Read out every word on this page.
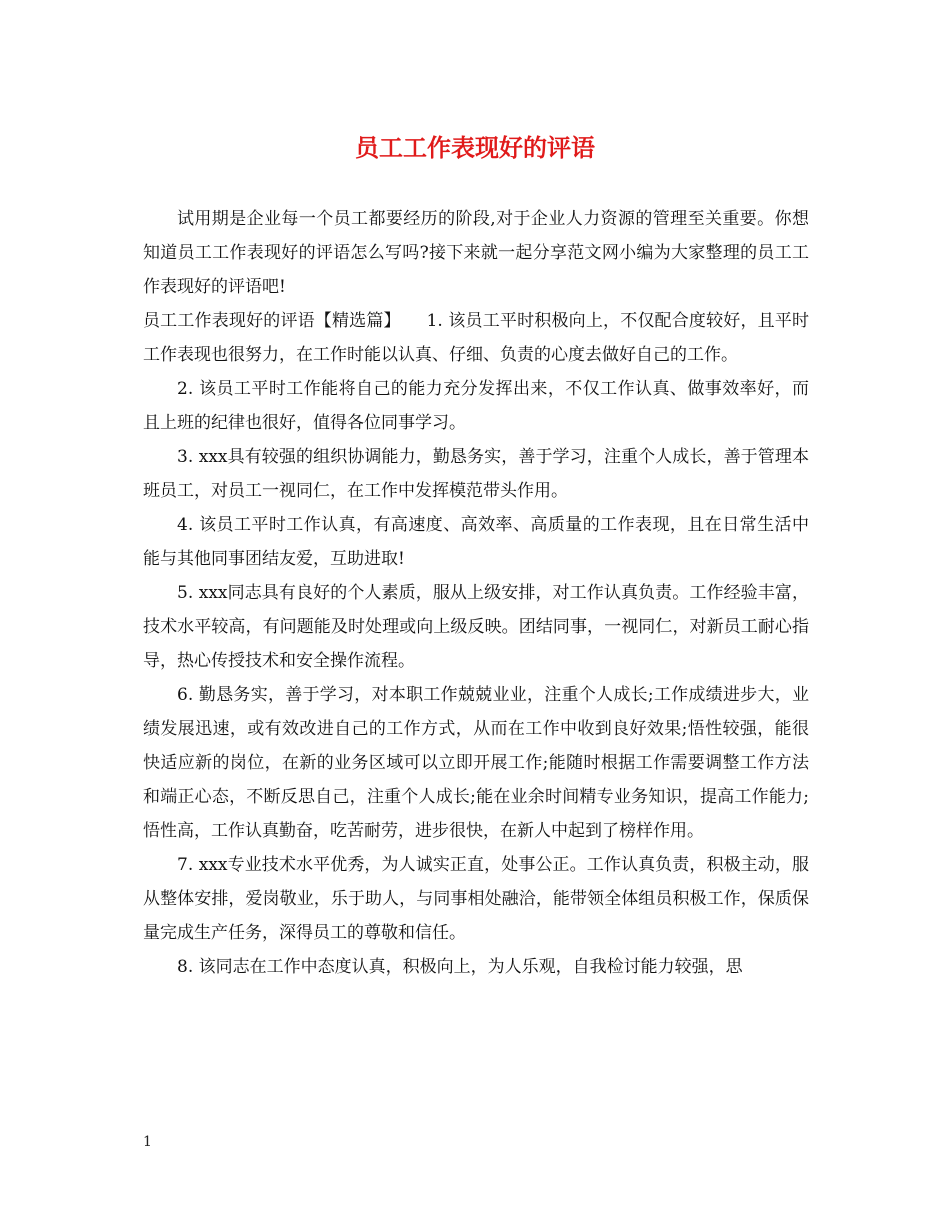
员工工作表现好的评语

试用期是企业每一个员工都要经历的阶段,对于企业人力资源的管理至关重要。你想知道员工工作表现好的评语怎么写吗?接下来就一起分享范文网小编为大家整理的员工工作表现好的评语吧!

员工工作表现好的评语【精选篇】　　1. 该员工平时积极向上，不仅配合度较好，且平时工作表现也很努力，在工作时能以认真、仔细、负责的心度去做好自己的工作。

2. 该员工平时工作能将自己的能力充分发挥出来，不仅工作认真、做事效率好，而且上班的纪律也很好，值得各位同事学习。

3. xxx具有较强的组织协调能力，勤恳务实，善于学习，注重个人成长，善于管理本班员工，对员工一视同仁，在工作中发挥模范带头作用。

4. 该员工平时工作认真，有高速度、高效率、高质量的工作表现，且在日常生活中能与其他同事团结友爱，互助进取!

5. xxx同志具有良好的个人素质，服从上级安排，对工作认真负责。工作经验丰富，技术水平较高，有问题能及时处理或向上级反映。团结同事，一视同仁，对新员工耐心指导，热心传授技术和安全操作流程。

6. 勤恳务实，善于学习，对本职工作兢兢业业，注重个人成长;工作成绩进步大，业绩发展迅速，或有效改进自己的工作方式，从而在工作中收到良好效果;悟性较强，能很快适应新的岗位，在新的业务区域可以立即开展工作;能随时根据工作需要调整工作方法和端正心态，不断反思自己，注重个人成长;能在业余时间精专业务知识，提高工作能力;悟性高，工作认真勤奋，吃苦耐劳，进步很快，在新人中起到了榜样作用。

7. xxx专业技术水平优秀，为人诚实正直，处事公正。工作认真负责，积极主动，服从整体安排，爱岗敬业，乐于助人，与同事相处融洽，能带领全体组员积极工作，保质保量完成生产任务，深得员工的尊敬和信任。

8. 该同志在工作中态度认真，积极向上，为人乐观，自我检讨能力较强，思

1
